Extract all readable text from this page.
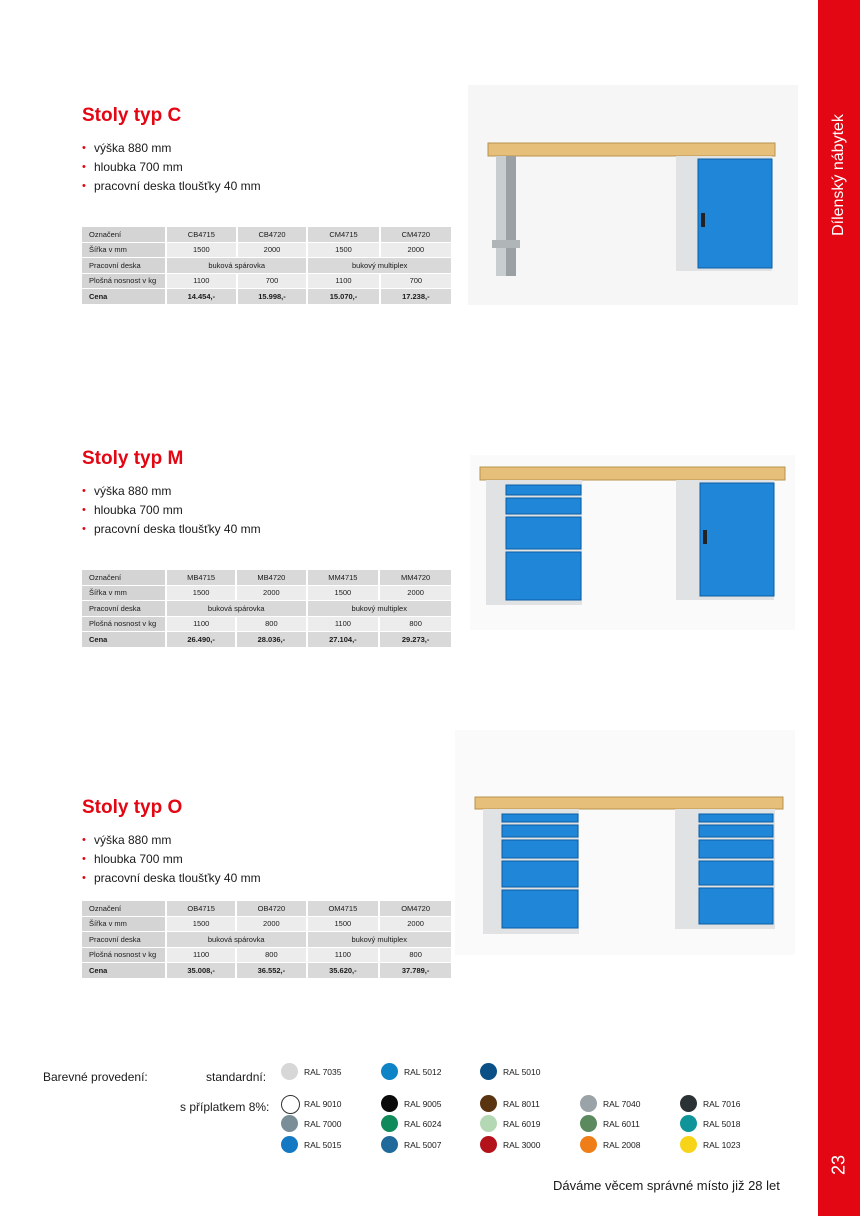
Dílenský nábytek
23
Stoly typ C
• výška 880 mm
• hloubka 700 mm
• pracovní deska tloušťky 40 mm
Označení	CB4715	CB4720	CM4715	CM4720
Šířka v mm	1500	2000	1500	2000
Pracovní deska	buková spárovka		bukový multiplex	
Plošná nosnost v kg	1100	700	1100	700
Cena	14.454,-	15.998,-	15.070,-	17.238,-
Stoly typ M
• výška 880 mm
• hloubka 700 mm
• pracovní deska tloušťky 40 mm
Označení	MB4715	MB4720	MM4715	MM4720
Šířka v mm	1500	2000	1500	2000
Pracovní deska	buková spárovka		bukový multiplex	
Plošná nosnost v kg	1100	800	1100	800
Cena	26.490,-	28.036,-	27.104,-	29.273,-
Stoly typ O
• výška 880 mm
• hloubka 700 mm
• pracovní deska tloušťky 40 mm
Označení	OB4715	OB4720	OM4715	OM4720
Šířka v mm	1500	2000	1500	2000
Pracovní deska	buková spárovka		bukový multiplex	
Plošná nosnost v kg	1100	800	1100	800
Cena	35.008,-	36.552,-	35.620,-	37.789,-
Barevné provedení:	standardní:
s příplatkem 8%:
RAL 7035	RAL 5012	RAL 5010
RAL 9010	RAL 9005	RAL 8011	RAL 7040	RAL 7016
RAL 7000	RAL 6024	RAL 6019	RAL 6011	RAL 5018
RAL 5015	RAL 5007	RAL 3000	RAL 2008	RAL 1023
Dáváme věcem správné místo již 28 let
